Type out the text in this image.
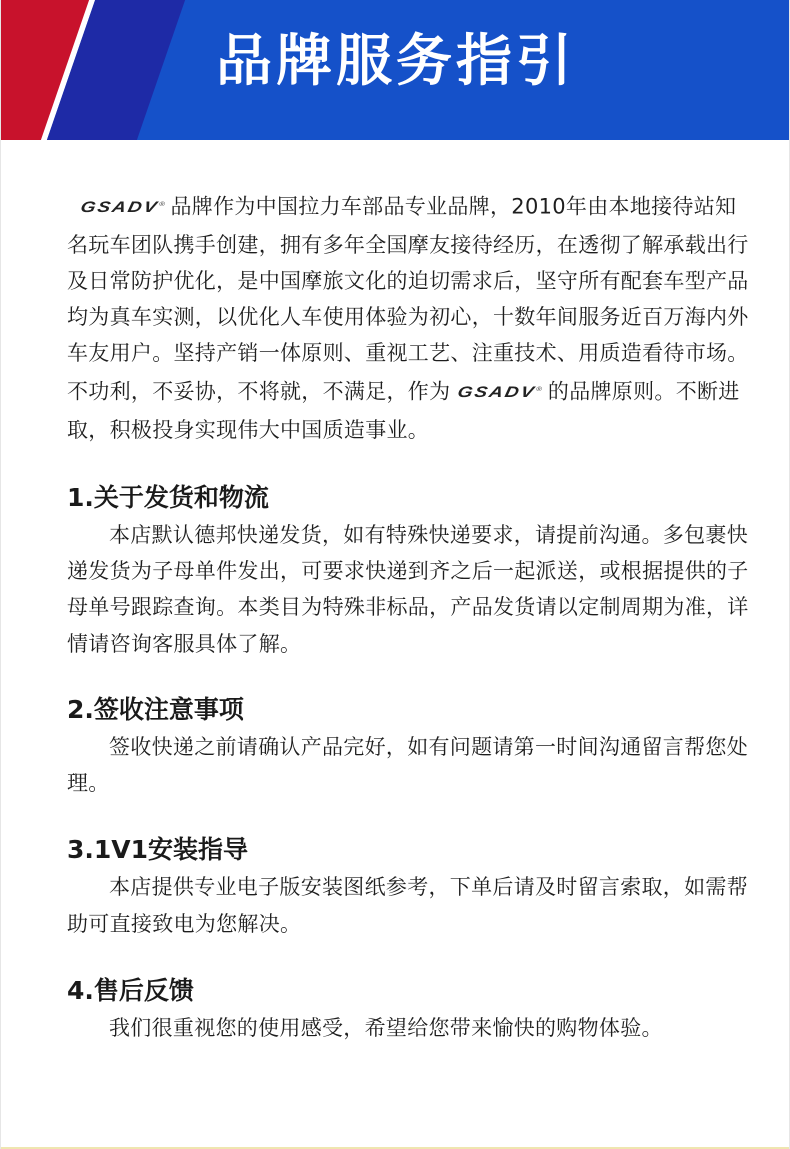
品牌服务指引

GSADV® 品牌作为中国拉力车部品专业品牌，2010年由本地接待站知名玩车团队携手创建，拥有多年全国摩友接待经历，在透彻了解承载出行及日常防护优化，是中国摩旅文化的迫切需求后，坚守所有配套车型产品均为真车实测，以优化人车使用体验为初心，十数年间服务近百万海内外车友用户。坚持产销一体原则、重视工艺、注重技术、用质造看待市场。不功利，不妥协，不将就，不满足，作为 GSADV® 的品牌原则。不断进取，积极投身实现伟大中国质造事业。

1.关于发货和物流

本店默认德邦快递发货，如有特殊快递要求，请提前沟通。多包裹快递发货为子母单件发出，可要求快递到齐之后一起派送，或根据提供的子母单号跟踪查询。本类目为特殊非标品，产品发货请以定制周期为准，详情请咨询客服具体了解。

2.签收注意事项

签收快递之前请确认产品完好，如有问题请第一时间沟通留言帮您处理。

3.1V1安装指导

本店提供专业电子版安装图纸参考，下单后请及时留言索取，如需帮助可直接致电为您解决。

4.售后反馈

我们很重视您的使用感受，希望给您带来愉快的购物体验。
